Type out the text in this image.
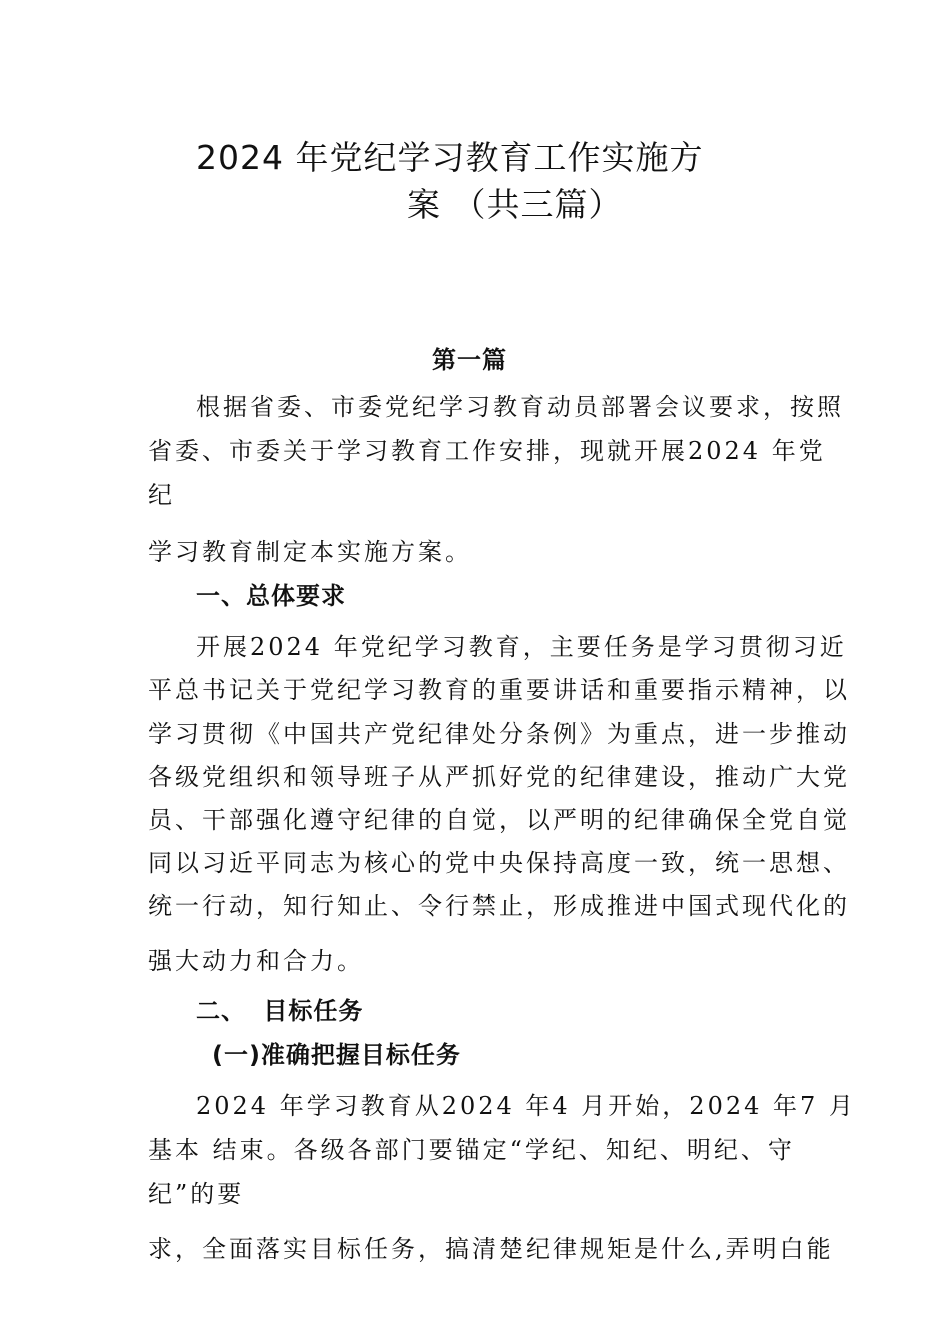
2024 年党纪学习教育工作实施方
案 （共三篇）
第一篇
根据省委、市委党纪学习教育动员部署会议要求，按照
省委、市委关于学习教育工作安排，现就开展2024 年党
纪
学习教育制定本实施方案。
一、总体要求
开展2024 年党纪学习教育，主要任务是学习贯彻习近
平总书记关于党纪学习教育的重要讲话和重要指示精神，以
学习贯彻《中国共产党纪律处分条例》为重点，进一步推动
各级党组织和领导班子从严抓好党的纪律建设，推动广大党
员、干部强化遵守纪律的自觉，以严明的纪律确保全党自觉
同以习近平同志为核心的党中央保持高度一致，统一思想、
统一行动，知行知止、令行禁止，形成推进中国式现代化的
强大动力和合力。
二、 目标任务
(一)准确把握目标任务
2024 年学习教育从2024 年4 月开始，2024 年7 月
基本 结束。各级各部门要锚定“学纪、知纪、明纪、守
纪”的要
求，全面落实目标任务，搞清楚纪律规矩是什么,弄明白能
